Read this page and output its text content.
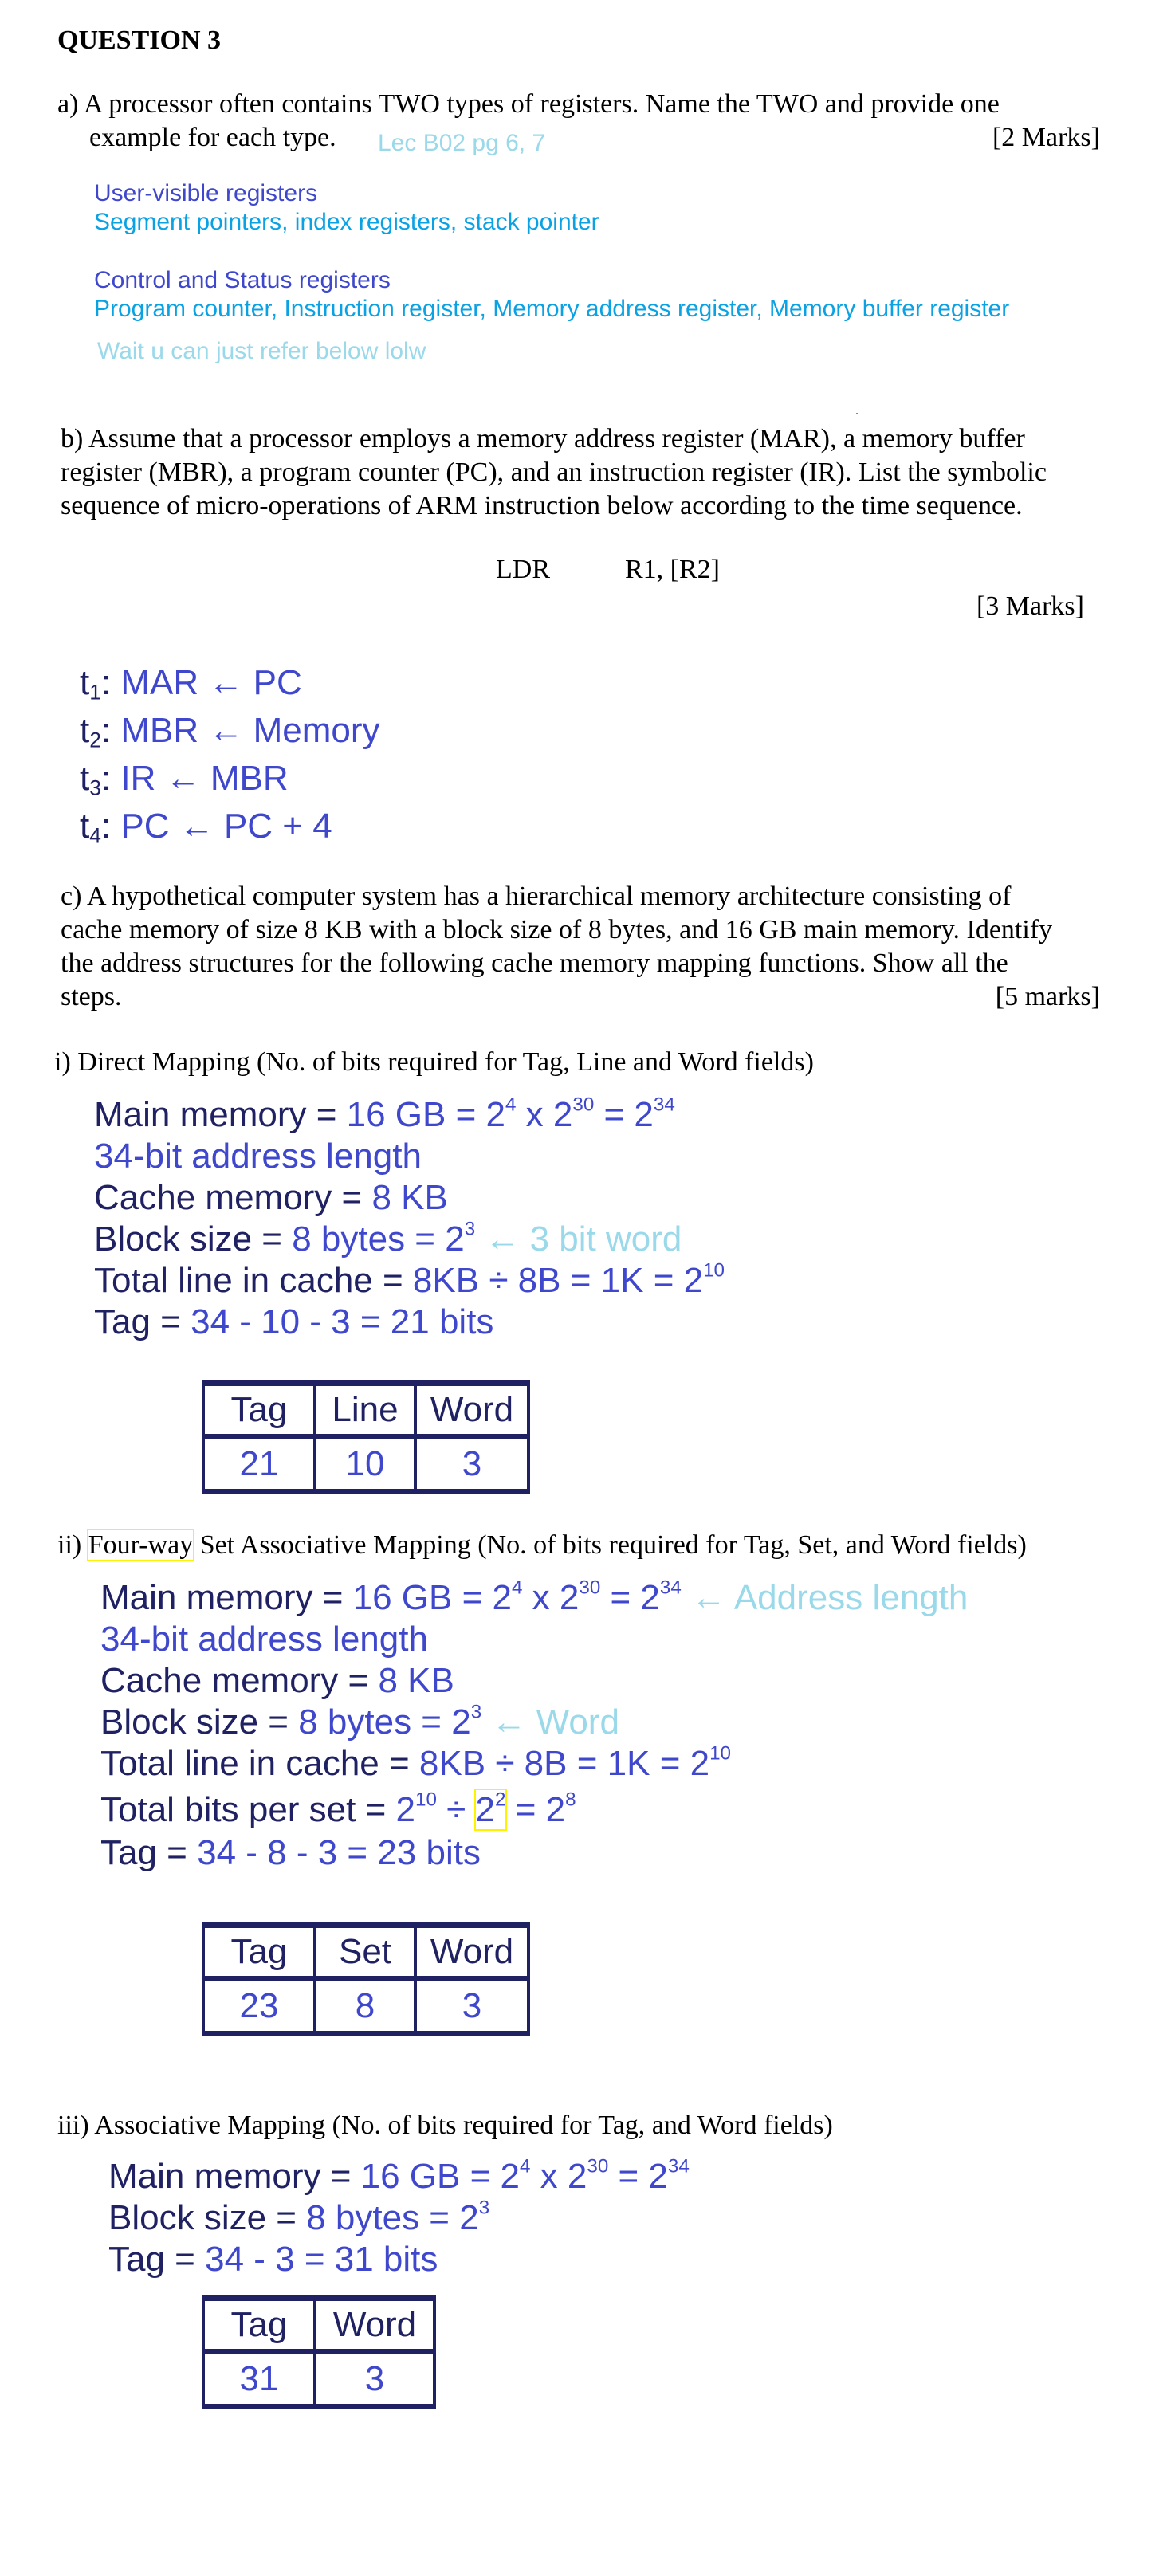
QUESTION 3
a) A processor often contains TWO types of registers. Name the TWO and provide one
example for each type. Lec B02 pg 6, 7	[2 Marks]
User-visible registers
Segment pointers, index registers, stack pointer
Control and Status registers
Program counter, Instruction register, Memory address register, Memory buffer register
Wait u can just refer below lolw
b) Assume that a processor employs a memory address register (MAR), a memory buffer
register (MBR), a program counter (PC), and an instruction register (IR). List the symbolic
sequence of micro-operations of ARM instruction below according to the time sequence.
LDR	R1, [R2]
[3 Marks]
$t_1$: MAR ← PC
$t_2$: MBR ← Memory
$t_3$: IR ← MBR
$t_4$: PC ← PC + 4
c) A hypothetical computer system has a hierarchical memory architecture consisting of
cache memory of size 8 KB with a block size of 8 bytes, and 16 GB main memory. Identify
the address structures for the following cache memory mapping functions. Show all the
steps.	[5 marks]
i) Direct Mapping (No. of bits required for Tag, Line and Word fields)
Main memory = 16 GB = $2^4$ x $2^{30} = 2^{34}$
34-bit address length
Cache memory = 8 KB
Block size = 8 bytes = $2^3$ ← 3 bit word
Total line in cache = $8KB \div 8B = 1K = 2^{10}$
Tag = 34 - 10 - 3 = 21 bits
Tag	Line	Word
21	10	3
ii) Four-way Set Associative Mapping (No. of bits required for Tag, Set, and Word fields)
Main memory = 16 GB = $2^4$ x $2^{30} = 2^{34}$ ← Address length
34-bit address length
Cache memory = 8 KB
Block size = 8 bytes = $2^3$ ← Word
Total line in cache = $8KB \div 8B = 1K = 2^{10}$
Total bits per set = $2^{10} \div 2^2 = 2^8$
Tag = 34 - 8 - 3 = 23 bits
Tag	Set	Word
23	8	3
iii) Associative Mapping (No. of bits required for Tag, and Word fields)
Main memory = 16 GB = $2^4$ x $2^{30} = 2^{34}$
Block size = 8 bytes = $2^3$
Tag = 34 - 3 = 31 bits
Tag	Word
31	3
